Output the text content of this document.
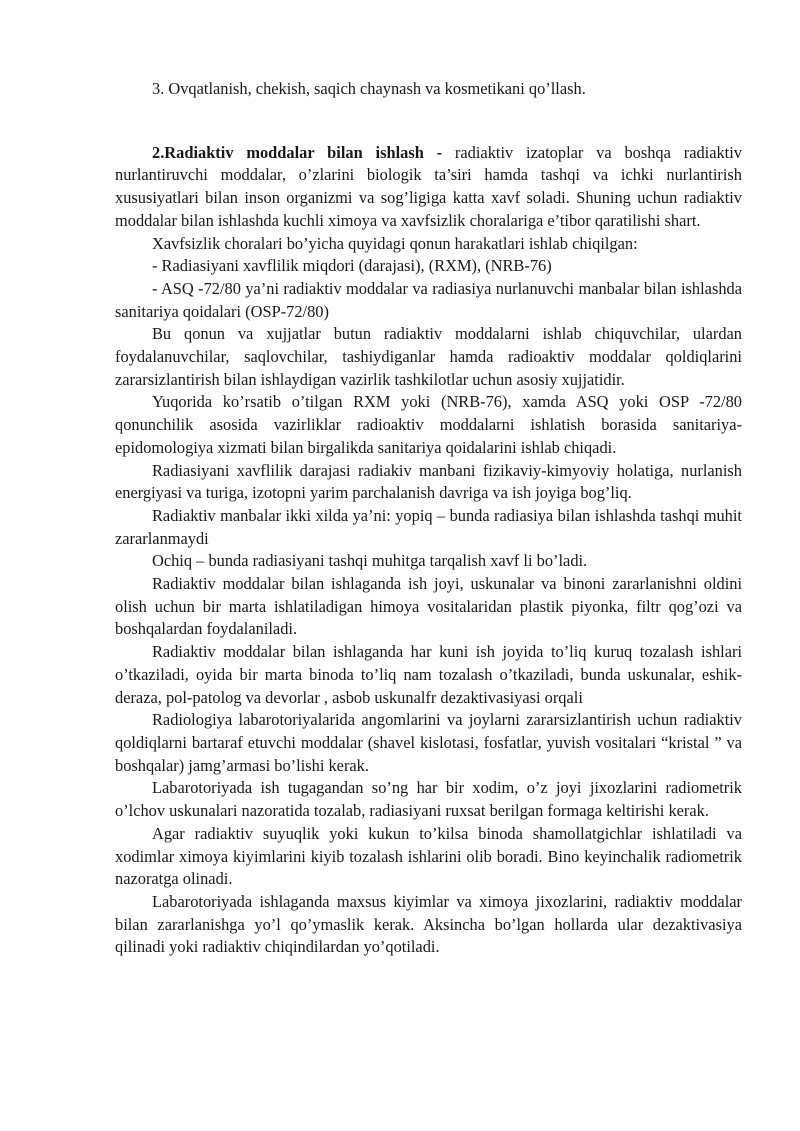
3. Ovqatlanish, chekish, saqich chaynash va kosmetikani qo’llash.

2.Radiaktiv moddalar bilan ishlash - radiaktiv izatoplar va boshqa radiaktiv nurlantiruvchi moddalar, o’zlarini biologik ta’siri hamda tashqi va ichki nurlantirish xususiyatlari bilan inson organizmi va sog’ligiga katta xavf soladi. Shuning uchun radiaktiv moddalar bilan ishlashda kuchli ximoya va xavfsizlik choralariga e’tibor qaratilishi shart.

Xavfsizlik choralari bo’yicha quyidagi qonun harakatlari ishlab chiqilgan:

- Radiasiyani xavflilik miqdori (darajasi), (RXM), (NRB-76)

- ASQ -72/80 ya’ni radiaktiv moddalar va radiasiya nurlanuvchi manbalar bilan ishlashda sanitariya qoidalari (OSP-72/80)

Bu qonun va xujjatlar butun radiaktiv moddalarni ishlab chiquvchilar, ulardan foydalanuvchilar, saqlovchilar, tashiydiganlar hamda radioaktiv moddalar qoldiqlarini zararsizlantirish bilan ishlaydigan vazirlik tashkilotlar uchun asosiy xujjatidir.

Yuqorida ko’rsatib o’tilgan RXM yoki (NRB-76), xamda ASQ yoki OSP -72/80 qonunchilik asosida vazirliklar radioaktiv moddalarni ishlatish borasida sanitariya-epidomologiya xizmati bilan birgalikda sanitariya qoidalarini ishlab chiqadi.

Radiasiyani xavflilik darajasi radiakiv manbani fizikaviy-kimyoviy holatiga, nurlanish energiyasi va turiga, izotopni yarim parchalanish davriga va ish joyiga bog’liq.

Radiaktiv manbalar ikki xilda ya’ni: yopiq – bunda radiasiya bilan ishlashda tashqi muhit zararlanmaydi

Ochiq – bunda radiasiyani tashqi muhitga tarqalish xavf li bo’ladi.

Radiaktiv moddalar bilan ishlaganda ish joyi, uskunalar va binoni zararlanishni oldini olish uchun bir marta ishlatiladigan himoya vositalaridan plastik piyonka, filtr qog’ozi va boshqalardan foydalaniladi.

Radiaktiv moddalar bilan ishlaganda har kuni ish joyida to’liq kuruq tozalash ishlari o’tkaziladi, oyida bir marta binoda to’liq nam tozalash o’tkaziladi, bunda uskunalar, eshik-deraza, pol-patolog va devorlar , asbob uskunalfr dezaktivasiyasi orqali

Radiologiya labarotoriyalarida angomlarini va joylarni zararsizlantirish uchun radiaktiv qoldiqlarni bartaraf etuvchi moddalar (shavel kislotasi, fosfatlar, yuvish vositalari “kristal ” va boshqalar) jamg’armasi bo’lishi kerak.

Labarotoriyada ish tugagandan so’ng har bir xodim, o’z joyi jixozlarini radiometrik o’lchov uskunalari nazoratida tozalab, radiasiyani ruxsat berilgan formaga keltirishi kerak.

Agar radiaktiv suyuqlik yoki kukun to’kilsa binoda shamollatgichlar ishlatiladi va xodimlar ximoya kiyimlarini kiyib tozalash ishlarini olib boradi. Bino keyinchalik radiometrik nazoratga olinadi.

Labarotoriyada ishlaganda maxsus kiyimlar va ximoya jixozlarini, radiaktiv moddalar bilan zararlanishga yo’l qo’ymaslik kerak. Aksincha bo’lgan hollarda ular dezaktivasiya qilinadi yoki radiaktiv chiqindilardan yo’qotiladi.
